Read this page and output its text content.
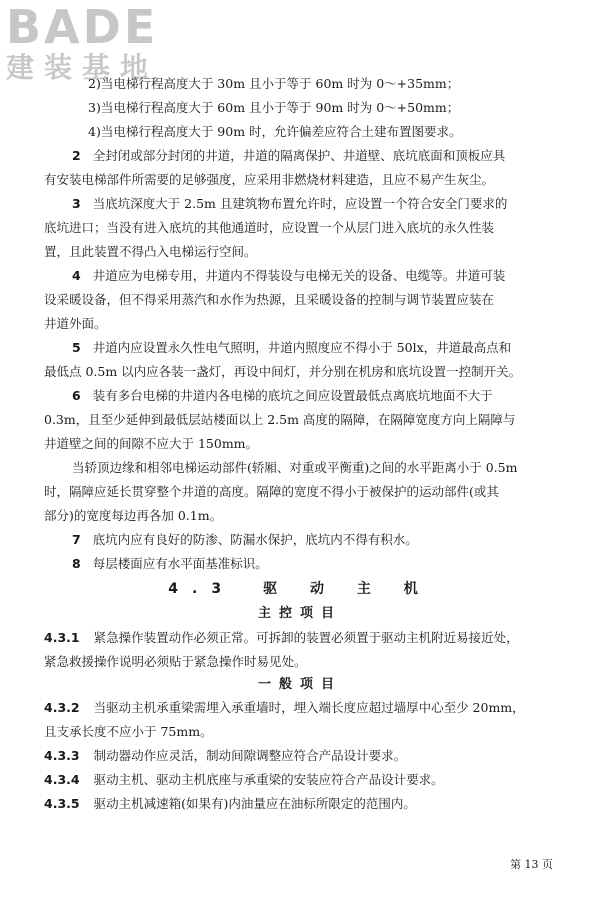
BADE
建装基地
2)当电梯行程高度大于 30m 且小于等于 60m 时为 0～+35mm；
3)当电梯行程高度大于 60m 且小于等于 90m 时为 0～+50mm；
4)当电梯行程高度大于 90m 时，允许偏差应符合土建布置图要求。
2 全封闭或部分封闭的井道，井道的隔离保护、井道壁、底坑底面和顶板应具
有安装电梯部件所需要的足够强度，应采用非燃烧材料建造，且应不易产生灰尘。
3 当底坑深度大于 2.5m 且建筑物布置允许时，应设置一个符合安全门要求的
底坑进口；当没有进入底坑的其他通道时，应设置一个从层门进入底坑的永久性装
置，且此装置不得凸入电梯运行空间。
4 井道应为电梯专用，井道内不得装设与电梯无关的设备、电缆等。井道可装
设采暖设备，但不得采用蒸汽和水作为热源，且采暖设备的控制与调节装置应装在
井道外面。
5 井道内应设置永久性电气照明，井道内照度应不得小于 50lx，井道最高点和
最低点 0.5m 以内应各装一盏灯，再设中间灯，并分别在机房和底坑设置一控制开关。
6 装有多台电梯的井道内各电梯的底坑之间应设置最低点离底坑地面不大于
0.3m，且至少延伸到最低层站楼面以上 2.5m 高度的隔障，在隔障宽度方向上隔障与
井道壁之间的间隙不应大于 150mm。
当轿顶边缘和相邻电梯运动部件(轿厢、对重或平衡重)之间的水平距离小于 0.5m
时，隔障应延长贯穿整个井道的高度。隔障的宽度不得小于被保护的运动部件(或其
部分)的宽度每边再各加 0.1m。
7 底坑内应有良好的防渗、防漏水保护，底坑内不得有积水。
8 每层楼面应有水平面基准标识。
4.3　驱 动 主 机
主控项目
4.3.1 紧急操作装置动作必须正常。可拆卸的装置必须置于驱动主机附近易接近处，
紧急救援操作说明必须贴于紧急操作时易见处。
一般项目
4.3.2 当驱动主机承重梁需埋入承重墙时，埋入端长度应超过墙厚中心至少 20mm，
且支承长度不应小于 75mm。
4.3.3 制动器动作应灵活，制动间隙调整应符合产品设计要求。
4.3.4 驱动主机、驱动主机底座与承重梁的安装应符合产品设计要求。
4.3.5 驱动主机减速箱(如果有)内油量应在油标所限定的范围内。
第 13 页
